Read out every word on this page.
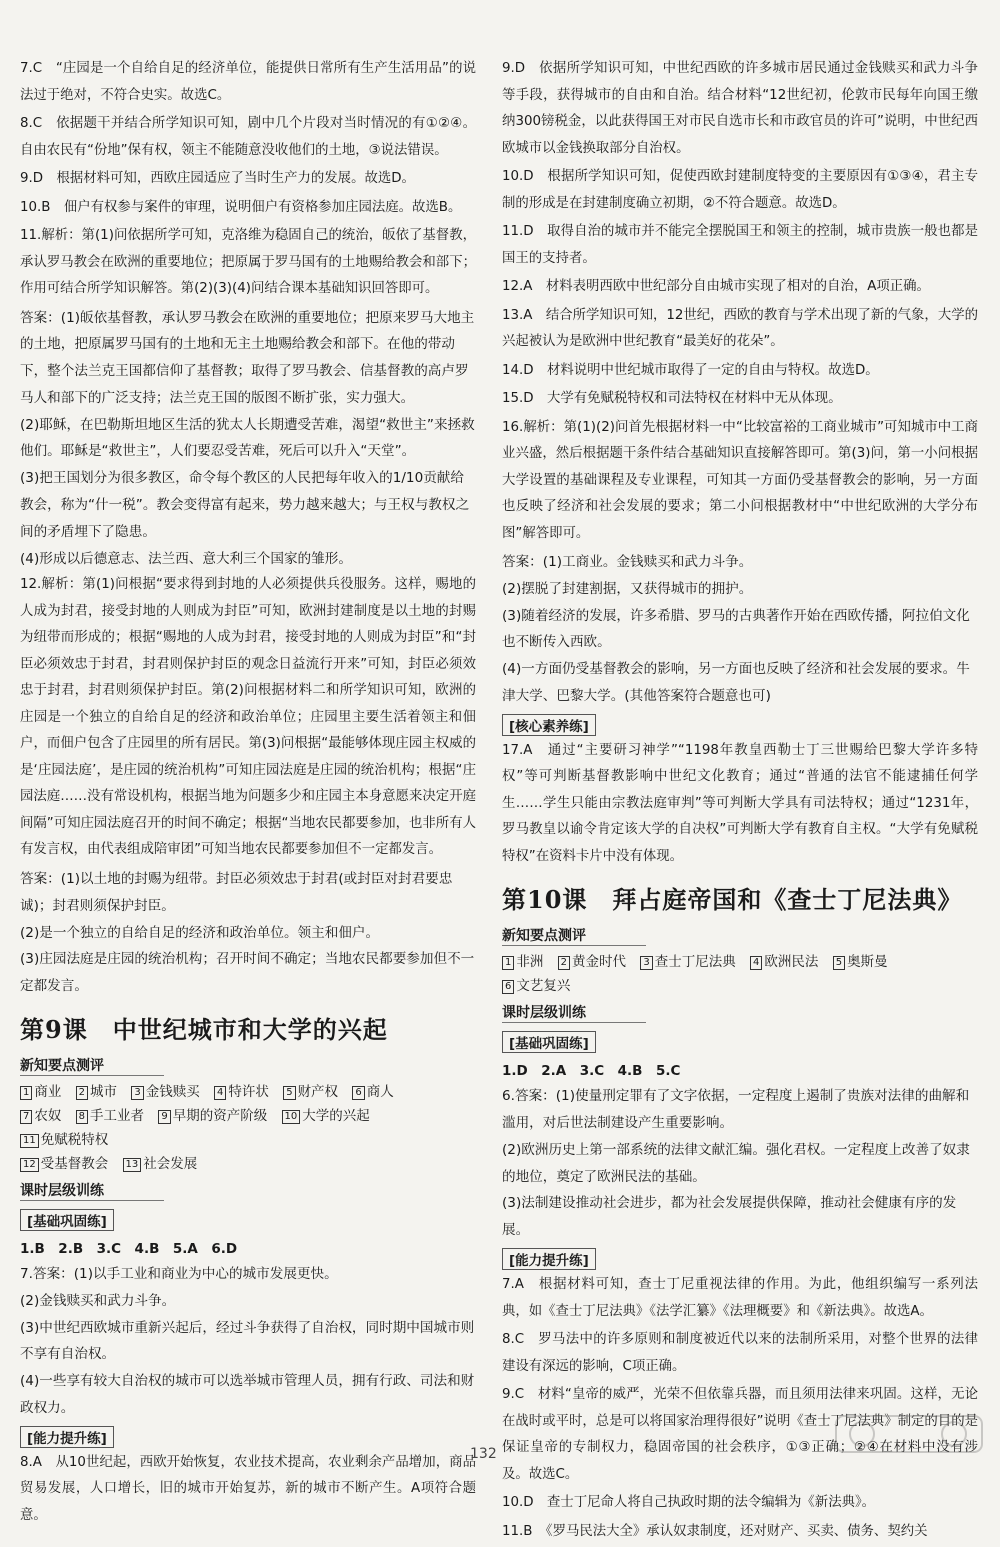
7.C　“庄园是一个自给自足的经济单位，能提供日常所有生产生活用品”的说法过于绝对，不符合史实。故选C。

8.C　依据题干并结合所学知识可知，剧中几个片段对当时情况的有①②④。自由农民有“份地”保有权，领主不能随意没收他们的土地，③说法错误。

9.D　根据材料可知，西欧庄园适应了当时生产力的发展。故选D。

10.B　佃户有权参与案件的审理，说明佃户有资格参加庄园法庭。故选B。

11.解析：第(1)问依据所学可知，克洛维为稳固自己的统治，皈依了基督教，承认罗马教会在欧洲的重要地位；把原属于罗马国有的土地赐给教会和部下；作用可结合所学知识解答。第(2)(3)(4)问结合课本基础知识回答即可。

答案：(1)皈依基督教，承认罗马教会在欧洲的重要地位；把原来罗马大地主的土地，把原属罗马国有的土地和无主土地赐给教会和部下。在他的带动下，整个法兰克王国都信仰了基督教；取得了罗马教会、信基督教的高卢罗马人和部下的广泛支持；法兰克王国的版图不断扩张，实力强大。

(2)耶稣，在巴勒斯坦地区生活的犹太人长期遭受苦难，渴望“救世主”来拯救他们。耶稣是“救世主”，人们要忍受苦难，死后可以升入“天堂”。

(3)把王国划分为很多教区，命令每个教区的人民把每年收入的1/10贡献给教会，称为“什一税”。教会变得富有起来，势力越来越大；与王权与教权之间的矛盾埋下了隐患。

(4)形成以后德意志、法兰西、意大利三个国家的雏形。

12.解析：第(1)问根据“要求得到封地的人必须提供兵役服务。这样，赐地的人成为封君，接受封地的人则成为封臣”可知，欧洲封建制度是以土地的封赐为纽带而形成的；根据“赐地的人成为封君，接受封地的人则成为封臣”和“封臣必须效忠于封君，封君则保护封臣的观念日益流行开来”可知，封臣必须效忠于封君，封君则须保护封臣。第(2)问根据材料二和所学知识可知，欧洲的庄园是一个独立的自给自足的经济和政治单位；庄园里主要生活着领主和佃户，而佃户包含了庄园里的所有居民。第(3)问根据“最能够体现庄园主权威的是‘庄园法庭’，是庄园的统治机构”可知庄园法庭是庄园的统治机构；根据“庄园法庭……没有常设机构，根据当地为问题多少和庄园主本身意愿来决定开庭间隔”可知庄园法庭召开的时间不确定；根据“当地农民都要参加，也非所有人有发言权，由代表组成陪审团”可知当地农民都要参加但不一定都发言。

答案：(1)以土地的封赐为纽带。封臣必须效忠于封君(或封臣对封君要忠诚)；封君则须保护封臣。

(2)是一个独立的自给自足的经济和政治单位。领主和佃户。

(3)庄园法庭是庄园的统治机构；召开时间不确定；当地农民都要参加但不一定都发言。

第9课　中世纪城市和大学的兴起
新知要点测评
1 商业 2 城市 3 金钱赎买 4 特许状 5 财产权 6 商人
7 农奴 8 手工业者 9 早期的资产阶级 10 大学的兴起 11 免赋税特权
12 受基督教会 13 社会发展
课时层级训练
[基础巩固练]
1.B　2.B　3.C　4.B　5.A　6.D

7.答案：(1)以手工业和商业为中心的城市发展更快。

(2)金钱赎买和武力斗争。

(3)中世纪西欧城市重新兴起后，经过斗争获得了自治权，同时期中国城市则不享有自治权。

(4)一些享有较大自治权的城市可以选举城市管理人员，拥有行政、司法和财政权力。

[能力提升练]

8.A　从10世纪起，西欧开始恢复，农业技术提高，农业剩余产品增加，商品贸易发展，人口增长，旧的城市开始复苏，新的城市不断产生。A项符合题意。

9.D　依据所学知识可知，中世纪西欧的许多城市居民通过金钱赎买和武力斗争等手段，获得城市的自由和自治。结合材料“12世纪初，伦敦市民每年向国王缴纳300镑税金，以此获得国王对市民自选市长和市政官员的许可”说明，中世纪西欧城市以金钱换取部分自治权。

10.D　根据所学知识可知，促使西欧封建制度特变的主要原因有①③④，君主专制的形成是在封建制度确立初期，②不符合题意。故选D。

11.D　取得自治的城市并不能完全摆脱国王和领主的控制，城市贵族一般也都是国王的支持者。

12.A　材料表明西欧中世纪部分自由城市实现了相对的自治，A项正确。

13.A　结合所学知识可知，12世纪，西欧的教育与学术出现了新的气象，大学的兴起被认为是欧洲中世纪教育“最美好的花朵”。

14.D　材料说明中世纪城市取得了一定的自由与特权。故选D。

15.D　大学有免赋税特权和司法特权在材料中无从体现。

16.解析：第(1)(2)问首先根据材料一中“比较富裕的工商业城市”可知城市中工商业兴盛，然后根据题干条件结合基础知识直接解答即可。第(3)问，第一小问根据大学设置的基础课程及专业课程，可知其一方面仍受基督教会的影响，另一方面也反映了经济和社会发展的要求；第二小问根据教材中“中世纪欧洲的大学分布图”解答即可。

答案：(1)工商业。金钱赎买和武力斗争。

(2)摆脱了封建割据，又获得城市的拥护。

(3)随着经济的发展，许多希腊、罗马的古典著作开始在西欧传播，阿拉伯文化也不断传入西欧。

(4)一方面仍受基督教会的影响，另一方面也反映了经济和社会发展的要求。牛津大学、巴黎大学。(其他答案符合题意也可)

[核心素养练]

17.A　通过“主要研习神学”“1198年教皇西勒士丁三世赐给巴黎大学许多特权”等可判断基督教影响中世纪文化教育；通过“普通的法官不能逮捕任何学生……学生只能由宗教法庭审判”等可判断大学具有司法特权；通过“1231年，罗马教皇以谕令肯定该大学的自决权”可判断大学有教育自主权。“大学有免赋税特权”在资料卡片中没有体现。

第10课　拜占庭帝国和《查士丁尼法典》
新知要点测评
1 非洲 2 黄金时代 3 查士丁尼法典 4 欧洲民法 5 奥斯曼
6 文艺复兴
课时层级训练
[基础巩固练]
1.D　2.A　3.C　4.B　5.C

6.答案：(1)使量刑定罪有了文字依据，一定程度上遏制了贵族对法律的曲解和滥用，对后世法制建设产生重要影响。

(2)欧洲历史上第一部系统的法律文献汇编。强化君权。一定程度上改善了奴隶的地位，奠定了欧洲民法的基础。

(3)法制建设推动社会进步，都为社会发展提供保障，推动社会健康有序的发展。

[能力提升练]

7.A　根据材料可知，查士丁尼重视法律的作用。为此，他组织编写一系列法典，如《查士丁尼法典》《法学汇纂》《法理概要》和《新法典》。故选A。

8.C　罗马法中的许多原则和制度被近代以来的法制所采用，对整个世界的法律建设有深远的影响，C项正确。

9.C　材料“皇帝的威严，光荣不但依靠兵器，而且须用法律来巩固。这样，无论在战时或平时，总是可以将国家治理得很好”说明《查士丁尼法典》制定的目的是保证皇帝的专制权力，稳固帝国的社会秩序，①③正确；②④在材料中没有涉及。故选C。

10.D　查士丁尼命人将自己执政时期的法令编辑为《新法典》。

11.B　《罗马民法大全》承认奴隶制度，还对财产、买卖、债务、契约关

132
